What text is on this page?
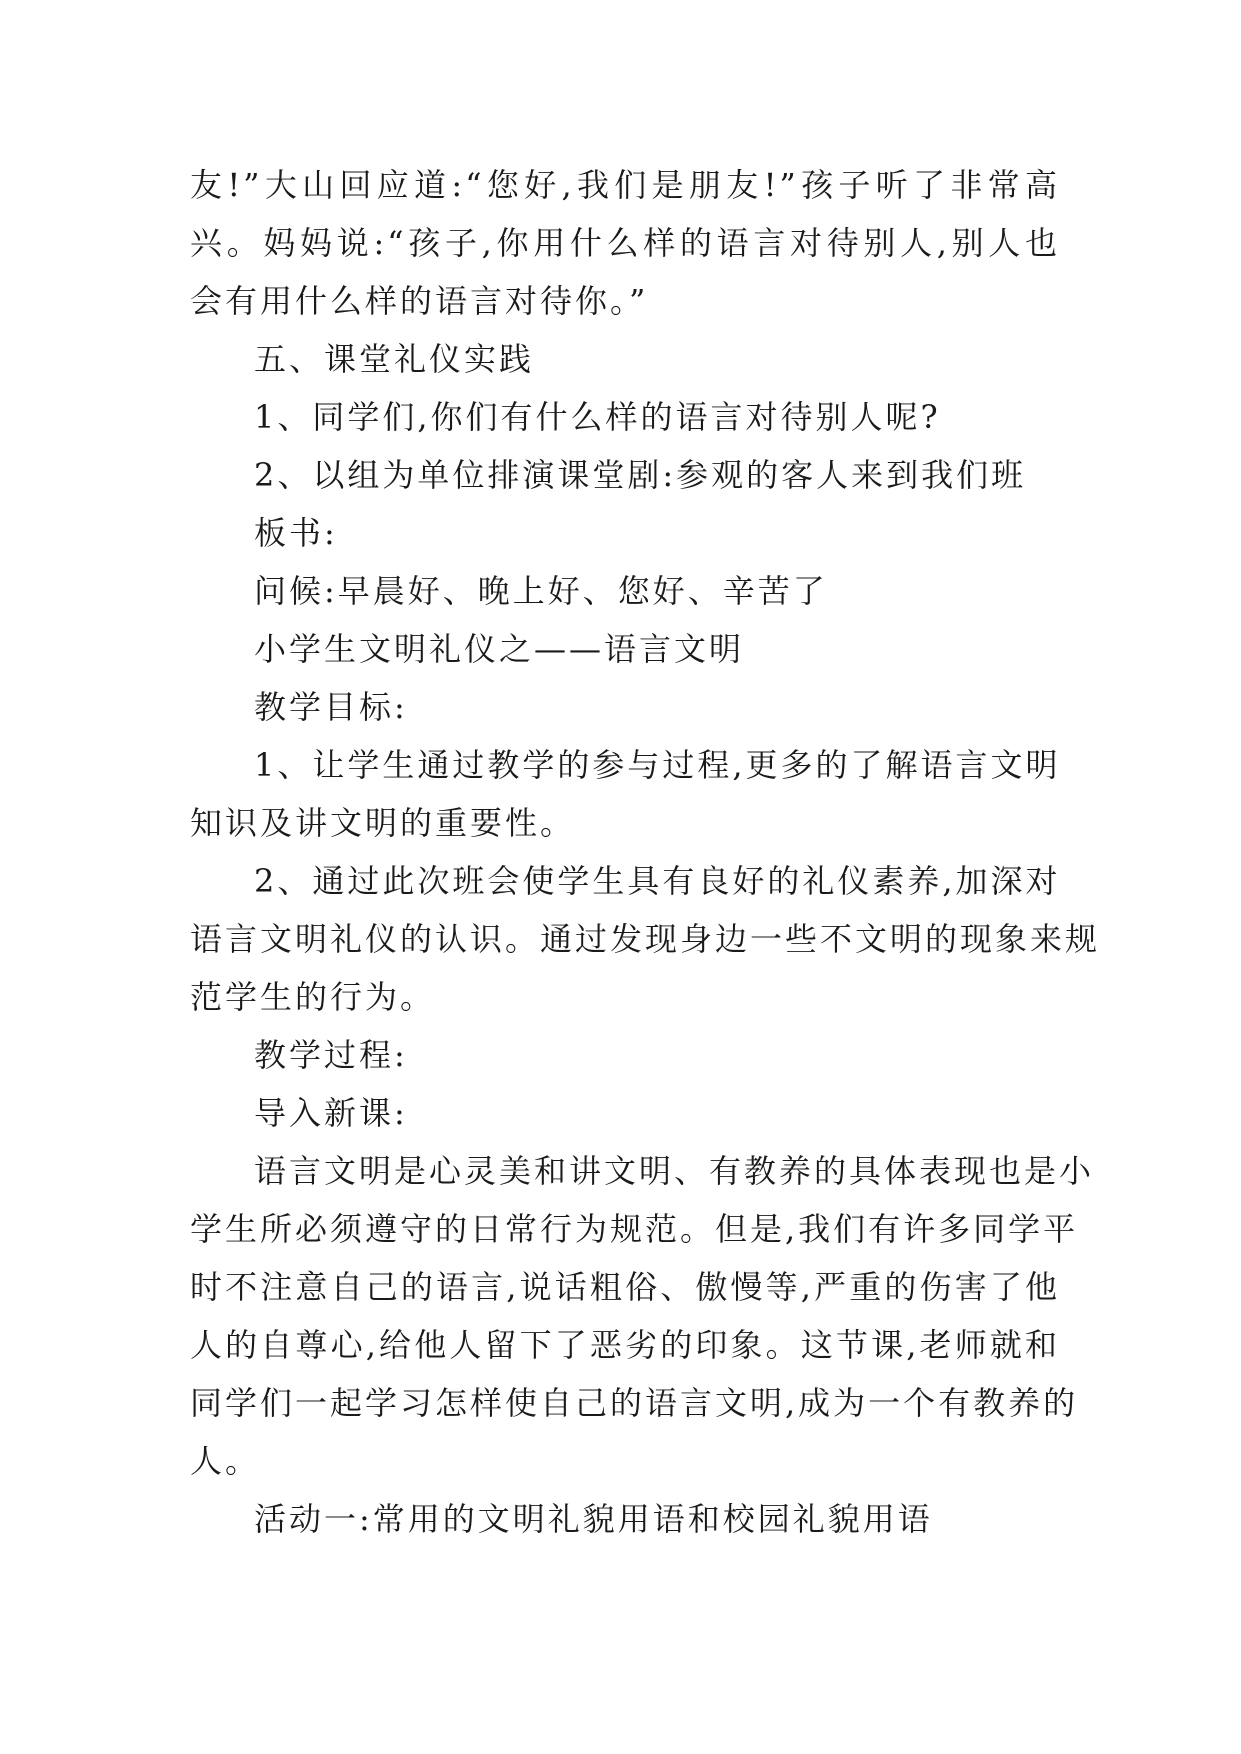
友!”大山回应道:“您好,我们是朋友!”孩子听了非常高
兴。妈妈说:“孩子,你用什么样的语言对待别人,别人也
会有用什么样的语言对待你。”
五、课堂礼仪实践
1、同学们,你们有什么样的语言对待别人呢?
2、以组为单位排演课堂剧:参观的客人来到我们班
板书:
问候:早晨好、晚上好、您好、辛苦了
小学生文明礼仪之——语言文明
教学目标:
1、让学生通过教学的参与过程,更多的了解语言文明
知识及讲文明的重要性。
2、通过此次班会使学生具有良好的礼仪素养,加深对
语言文明礼仪的认识。通过发现身边一些不文明的现象来规
范学生的行为。
教学过程:
导入新课:
语言文明是心灵美和讲文明、有教养的具体表现也是小
学生所必须遵守的日常行为规范。但是,我们有许多同学平
时不注意自己的语言,说话粗俗、傲慢等,严重的伤害了他
人的自尊心,给他人留下了恶劣的印象。这节课,老师就和
同学们一起学习怎样使自己的语言文明,成为一个有教养的
人。
活动一:常用的文明礼貌用语和校园礼貌用语
